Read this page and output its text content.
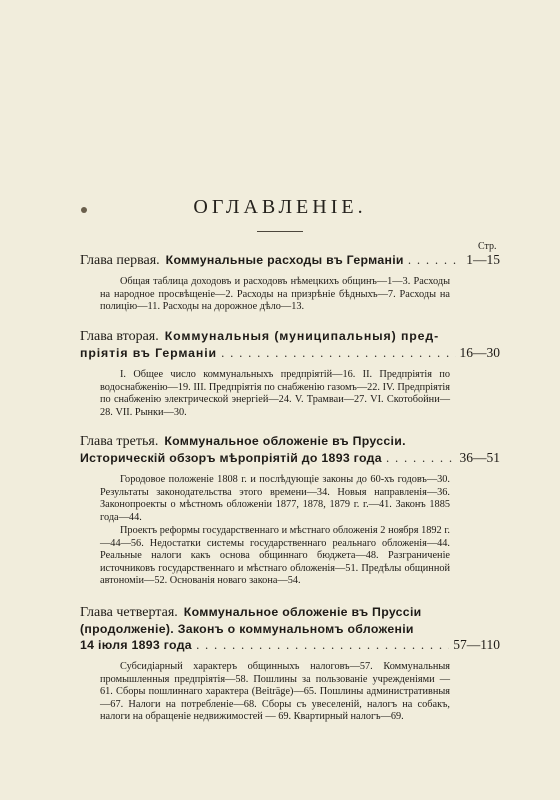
ОГЛАВЛЕНІЕ.
Стр.
Глава первая. Коммунальные расходы въ Германіи . . .	1—15

Общая таблица доходовъ и расходовъ нѣмецкихъ общинъ—1—3. Расходы на народное просвѣщеніе—2. Расходы на призрѣніе бѣдныхъ—7. Расходы на полицію—11. Расходы на дорожное дѣло—13.

Глава вторая. Коммунальныя (муниципальныя) пред-
пріятія въ Германіи . . .	16—30

I. Общее число коммунальныхъ предпріятій—16. II. Предпріятія по водоснабженію—19. III. Предпріятія по снабженію газомъ—22. IV. Предпріятія по снабженію электрической энергіей—24. V. Трамваи—27. VI. Скотобойни—28. VII. Рынки—30.

Глава третья. Коммунальное обложеніе въ Пруссіи.
Историческій обзоръ мѣропріятій до 1893 года . . .	36—51

Городовое положеніе 1808 г. и послѣдующіе законы до 60-хъ годовъ—30. Результаты законодательства этого времени—34. Новыя направленія—36. Законопроекты о мѣстномъ обложеніи 1877, 1878, 1879 г. г.—41. Законъ 1885 года—44.

Проектъ реформы государственнаго и мѣстнаго обложенія 2 ноября 1892 г.—44—56. Недостатки системы государственнаго реальнаго обложенія—44. Реальные налоги какъ основа общиннаго бюджета—48. Разграниченіе источниковъ государственнаго и мѣстнаго обложенія—51. Предѣлы общинной автономіи—52. Основанія новаго закона—54.

Глава четвертая. Коммунальное обложеніе въ Пруссіи
(продолженіе). Законъ о коммунальномъ обложеніи
14 іюля 1893 года . . .	57—110

Субсидіарный характеръ общинныхъ налоговъ—57. Коммунальныя промышленныя предпріятія—58. Пошлины за пользованіе учрежденіями — 61. Сборы пошлиннаго характера (Beiträge)—65. Пошлины административныя—67. Налоги на потребленіе—68. Сборы съ увеселеній, налогъ на собакъ, налоги на обращеніе недвижимостей — 69. Квартирный налогъ—69.
